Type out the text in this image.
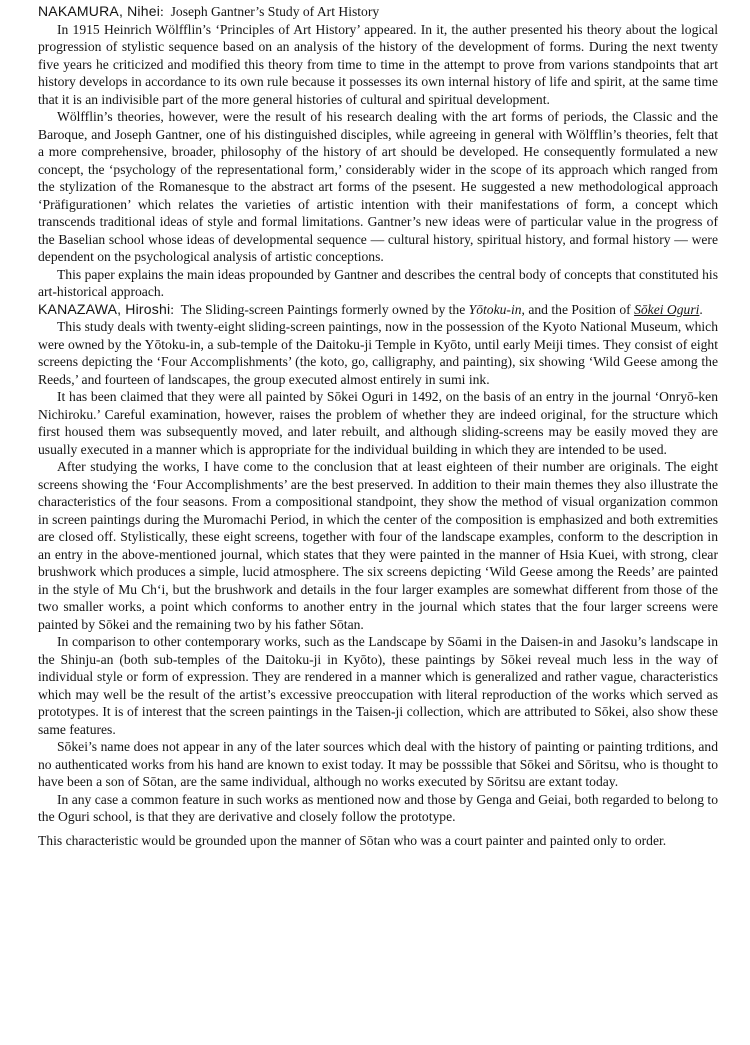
NAKAMURA, Nihei:  Joseph Gantner’s Study of Art History

In 1915 Heinrich Wölfflin’s ‘Principles of Art History’ appeared. In it, the auther presented his theory about the logical progression of stylistic sequence based on an analysis of the history of the development of forms. During the next twenty five years he criticized and modified this theory from time to time in the attempt to prove from varions standpoints that art history develops in accordance to its own rule because it possesses its own internal history of life and spirit, at the same time that it is an indivisible part of the more general histories of cultural and spiritual development.

Wölfflin’s theories, however, were the result of his research dealing with the art forms of periods, the Classic and the Baroque, and Joseph Gantner, one of his distinguished disciples, while agreeing in general with Wölfflin’s theories, felt that a more comprehensive, broader, philosophy of the history of art should be developed. He consequently formulated a new concept, the ‘psychology of the representational form,’ considerably wider in the scope of its approach which ranged from the stylization of the Romanesque to the abstract art forms of the psesent. He suggested a new methodological approach ‘Präfigurationen’ which relates the varieties of artistic intention with their manifestations of form, a concept which transcends traditional ideas of style and formal limitations. Gantner’s new ideas were of particular value in the progress of the Baselian school whose ideas of developmental sequence — cultural history, spiritual history, and formal history — were dependent on the psychological analysis of artistic conceptions.

This paper explains the main ideas propounded by Gantner and describes the central body of concepts that constituted his art-historical approach.

KANAZAWA, Hiroshi:  The Sliding-screen Paintings formerly owned by the Yōtoku-in, and the Position of Sōkei Oguri.

This study deals with twenty-eight sliding-screen paintings, now in the possession of the Kyoto National Museum, which were owned by the Yōtoku-in, a sub-temple of the Daitoku-ji Temple in Kyōto, until early Meiji times. They consist of eight screens depicting the ‘Four Accomplishments’ (the koto, go, calligraphy, and painting), six showing ‘Wild Geese among the Reeds,’ and fourteen of landscapes, the group executed almost entirely in sumi ink.

It has been claimed that they were all painted by Sōkei Oguri in 1492, on the basis of an entry in the journal ‘Onryō-ken Nichiroku.’ Careful examination, however, raises the problem of whether they are indeed original, for the structure which first housed them was subsequently moved, and later rebuilt, and although sliding-screens may be easily moved they are usually executed in a manner which is appropriate for the individual building in which they are intended to be used.

After studying the works, I have come to the conclusion that at least eighteen of their number are originals. The eight screens showing the ‘Four Accomplishments’ are the best preserved. In addition to their main themes they also illustrate the characteristics of the four seasons. From a compositional standpoint, they show the method of visual organization common in screen paintings during the Muromachi Period, in which the center of the composition is emphasized and both extremities are closed off. Stylistically, these eight screens, together with four of the landscape examples, conform to the description in an entry in the above-mentioned journal, which states that they were painted in the manner of Hsia Kuei, with strong, clear brushwork which produces a simple, lucid atmosphere. The six screens depicting ‘Wild Geese among the Reeds’ are painted in the style of Mu Ch‘i, but the brushwork and details in the four larger examples are somewhat different from those of the two smaller works, a point which conforms to another entry in the journal which states that the four larger screens were painted by Sōkei and the remaining two by his father Sōtan.

In comparison to other contemporary works, such as the Landscape by Sōami in the Daisen-in and Jasoku’s landscape in the Shinju-an (both sub-temples of the Daitoku-ji in Kyōto), these paintings by Sōkei reveal much less in the way of individual style or form of expression. They are rendered in a manner which is generalized and rather vague, characteristics which may well be the result of the artist’s excessive preoccupation with literal reproduction of the works which served as prototypes. It is of interest that the screen paintings in the Taisen-ji collection, which are attributed to Sōkei, also show these same features.

Sōkei’s name does not appear in any of the later sources which deal with the history of painting or painting trditions, and no authenticated works from his hand are known to exist today. It may be posssible that Sōkei and Sōritsu, who is thought to have been a son of Sōtan, are the same individual, although no works executed by Sōritsu are extant today.

In any case a common feature in such works as mentioned now and those by Genga and Geiai, both regarded to belong to the Oguri school, is that they are derivative and closely follow the prototype.

This characteristic would be grounded upon the manner of Sōtan who was a court painter and painted only to order.
